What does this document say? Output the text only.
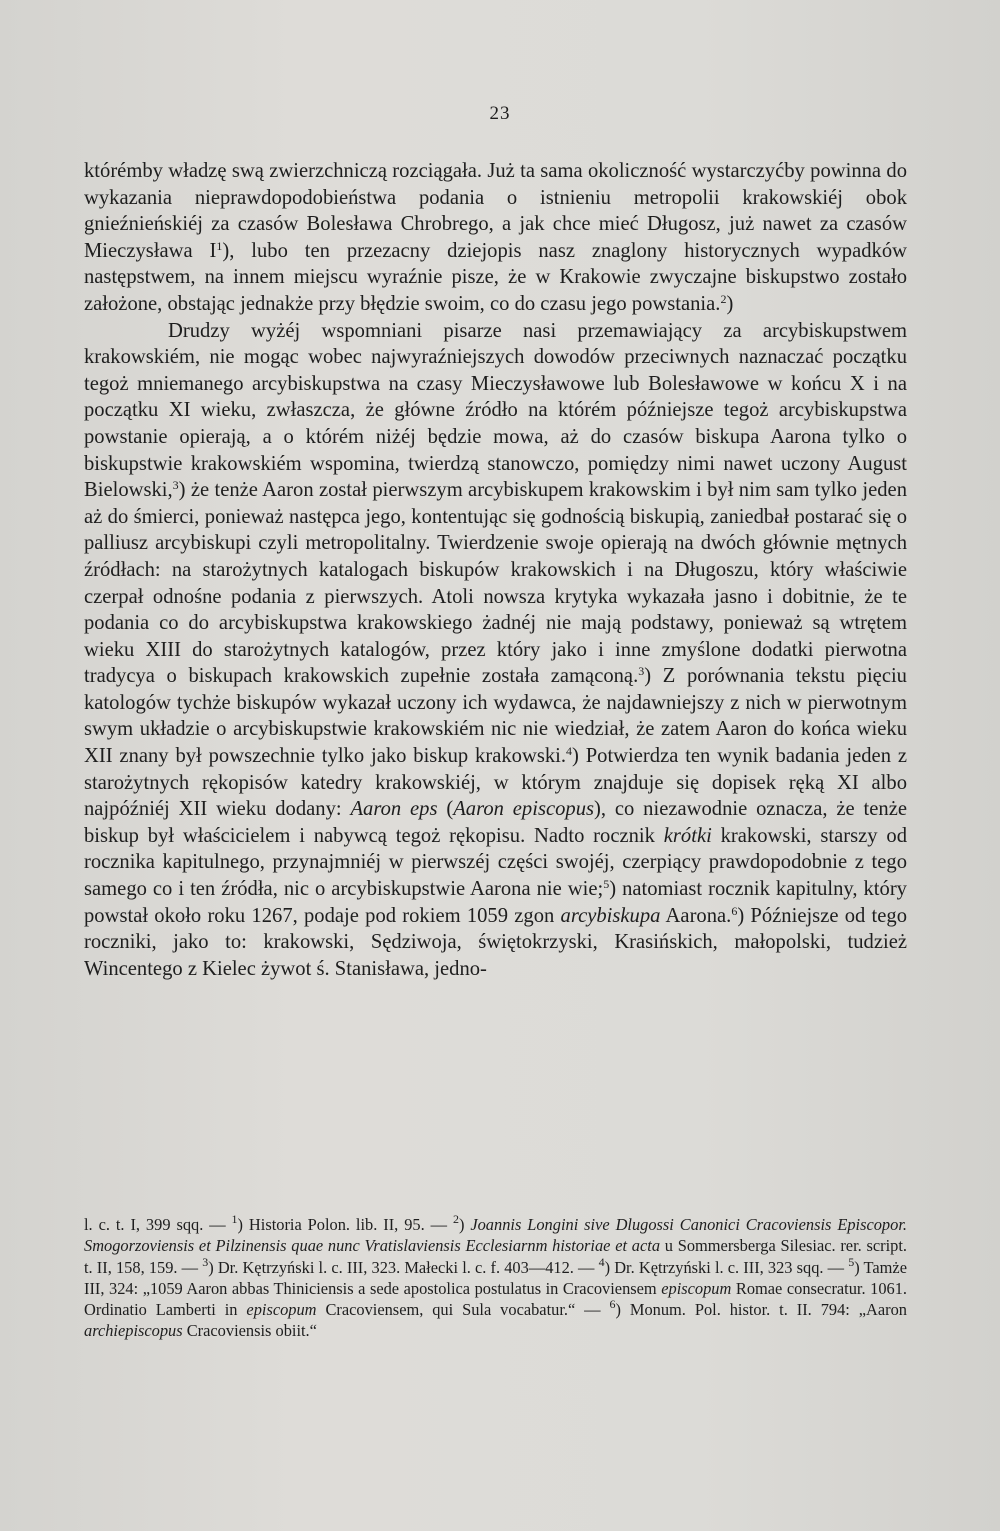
23

którémby władzę swą zwierzchniczą rozciągała. Już ta sama okoliczność wystarczyćby powinna do wykazania nieprawdopodobieństwa podania o istnieniu metropolii krakowskiéj obok gnieźnieńskiéj za czasów Bolesława Chrobrego, a jak chce mieć Długosz, już nawet za czasów Mieczysława $I^1$), lubo ten przezacny dziejopis nasz znaglony historycznych wypadków następstwem, na innem miejscu wyraźnie pisze, że w Krakowie zwyczajne biskupstwo zostało założone, obstając jednakże przy błędzie swoim, co do czasu jego powstania.$^2$)

Drudzy wyżéj wspomniani pisarze nasi przemawiający za arcybiskupstwem krakowskiém, nie mogąc wobec najwyraźniejszych dowodów przeciwnych naznaczać początku tegoż mniemanego arcybiskupstwa na czasy Mieczysławowe lub Bolesławowe w końcu X i na początku XI wieku, zwłaszcza, że główne źródło na którém późniejsze tegoż arcybiskupstwa powstanie opierają, a o którém niżéj będzie mowa, aż do czasów biskupa Aarona tylko o biskupstwie krakowskiém wspomina, twierdzą stanowczo, pomiędzy nimi nawet uczony August Bielowski,$^3$) że tenże Aaron został pierwszym arcybiskupem krakowskim i był nim sam tylko jeden aż do śmierci, ponieważ następca jego, kontentując się godnością biskupią, zaniedbał postarać się o palliusz arcybiskupi czyli metropolitalny. Twierdzenie swoje opierają na dwóch głównie mętnych źródłach: na starożytnych katalogach biskupów krakowskich i na Długoszu, który właściwie czerpał odnośne podania z pierwszych. Atoli nowsza krytyka wykazała jasno i dobitnie, że te podania co do arcybiskupstwa krakowskiego żadnéj nie mają podstawy, ponieważ są wtrętem wieku XIII do starożytnych katalogów, przez który jako i inne zmyślone dodatki pierwotna tradycya o biskupach krakowskich zupełnie została zamąconą.$^3$) Z porównania tekstu pięciu katologów tychże biskupów wykazał uczony ich wydawca, że najdawniejszy z nich w pierwotnym swym układzie o arcybiskupstwie krakowskiém nic nie wiedział, że zatem Aaron do końca wieku XII znany był powszechnie tylko jako biskup krakowski.$^4$) Potwierdza ten wynik badania jeden z starożytnych rękopisów katedry krakowskiéj, w którym znajduje się dopisek ręką XI albo najpóźniéj XII wieku dodany: Aaron eps (Aaron episcopus), co niezawodnie oznacza, że tenże biskup był właścicielem i nabywcą tegoż rękopisu. Nadto rocznik krótki krakowski, starszy od rocznika kapitulnego, przynajmniéj w pierwszéj części swojéj, czerpiący prawdopodobnie z tego samego co i ten źródła, nic o arcybiskupstwie Aarona nie wie;$^5$) natomiast rocznik kapitulny, który powstał około roku 1267, podaje pod rokiem 1059 zgon arcybiskupa Aarona.$^6$) Późniejsze od tego roczniki, jako to: krakowski, Sędziwoja, świętokrzyski, Krasińskich, małopolski, tudzież Wincentego z Kielec żywot ś. Stanisława, jedno-

l. c. t. I, 399 sqq. — $^1$) Historia Polon. lib. II, 95. — $^2$) Joannis Longini sive Dlugossi Canonici Cracoviensis Episcopor. Smogorzoviensis et Pilzinensis quae nunc Vratislaviensis Ecclesiarnm historiae et acta u Sommersberga Silesiac. rer. script. t. II, 158, 159. — $^3$) Dr. Kętrzyński l. c. III, 323. Małecki l. c. f. 403—412. — $^4$) Dr. Kętrzyński l. c. III, 323 sqq. — $^5$) Tamże III, 324: „1059 Aaron abbas Thiniciensis a sede apostolica postulatus in Cracoviensem episcopum Romae consecratur. 1061. Ordinatio Lamberti in episcopum Cracoviensem, qui Sula vocabatur.“ — $^6$) Monum. Pol. histor. t. II. 794: „Aaron archiepiscopus Cracoviensis obiit.“
